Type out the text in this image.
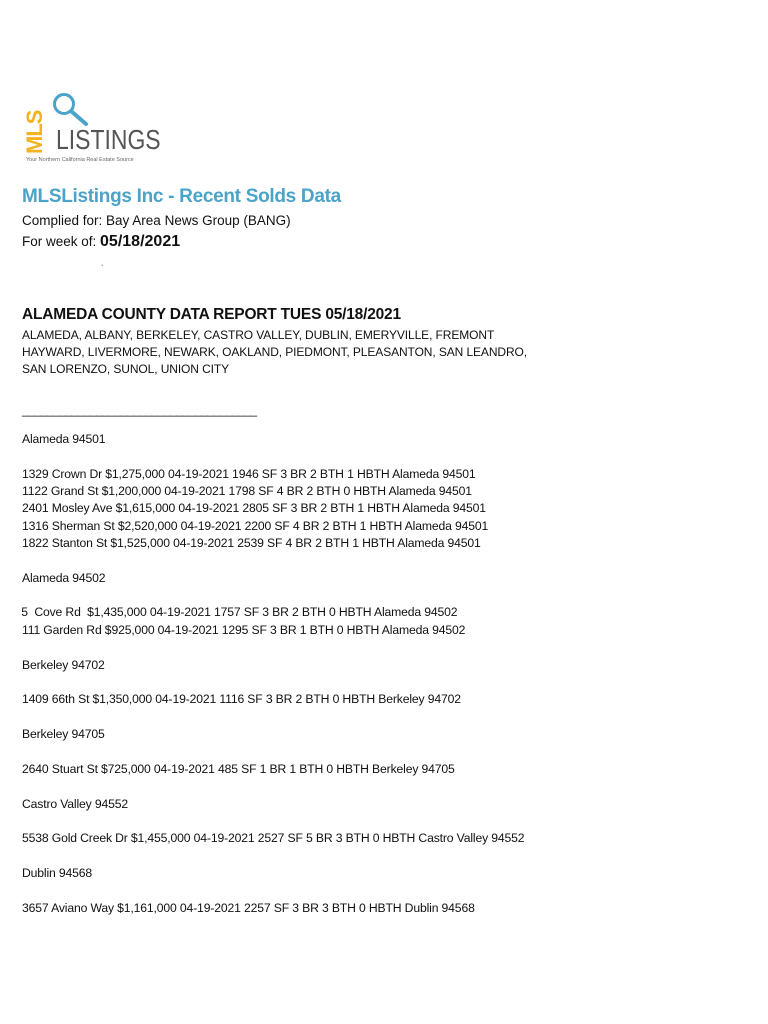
MLS LISTINGS
Your Northern California Real Estate Source
MLSListings Inc - Recent Solds Data
Complied for: Bay Area News Group (BANG)
For week of: 05/18/2021
`
ALAMEDA COUNTY DATA REPORT TUES 05/18/2021
ALAMEDA, ALBANY, BERKELEY, CASTRO VALLEY, DUBLIN, EMERYVILLE, FREMONT
HAYWARD, LIVERMORE, NEWARK, OAKLAND, PIEDMONT, PLEASANTON, SAN LEANDRO,
SAN LORENZO, SUNOL, UNION CITY
______________________________________
Alameda 94501
1329 Crown Dr $1,275,000 04-19-2021 1946 SF 3 BR 2 BTH 1 HBTH Alameda 94501
1122 Grand St $1,200,000 04-19-2021 1798 SF 4 BR 2 BTH 0 HBTH Alameda 94501
2401 Mosley Ave $1,615,000 04-19-2021 2805 SF 3 BR 2 BTH 1 HBTH Alameda 94501
1316 Sherman St $2,520,000 04-19-2021 2200 SF 4 BR 2 BTH 1 HBTH Alameda 94501
1822 Stanton St $1,525,000 04-19-2021 2539 SF 4 BR 2 BTH 1 HBTH Alameda 94501
Alameda 94502
5  Cove Rd  $1,435,000 04-19-2021 1757 SF 3 BR 2 BTH 0 HBTH Alameda 94502
111 Garden Rd $925,000 04-19-2021 1295 SF 3 BR 1 BTH 0 HBTH Alameda 94502
Berkeley 94702
1409 66th St $1,350,000 04-19-2021 1116 SF 3 BR 2 BTH 0 HBTH Berkeley 94702
Berkeley 94705
2640 Stuart St $725,000 04-19-2021 485 SF 1 BR 1 BTH 0 HBTH Berkeley 94705
Castro Valley 94552
5538 Gold Creek Dr $1,455,000 04-19-2021 2527 SF 5 BR 3 BTH 0 HBTH Castro Valley 94552
Dublin 94568
3657 Aviano Way $1,161,000 04-19-2021 2257 SF 3 BR 3 BTH 0 HBTH Dublin 94568
